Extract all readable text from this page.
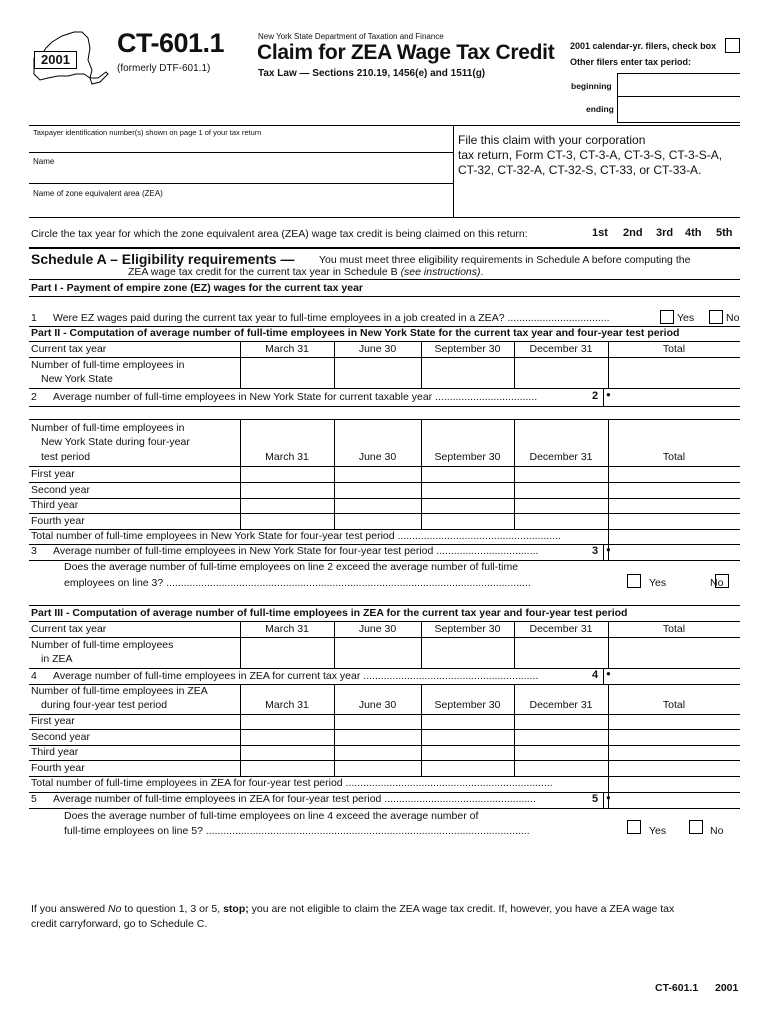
2001
CT-601.1
(formerly DTF-601.1)
New York State Department of Taxation and Finance
Claim for ZEA Wage Tax Credit
Tax Law — Sections 210.19, 1456(e) and 1511(g)
2001 calendar-yr. filers, check box
Other filers enter tax period:
beginning
ending
Taxpayer identification number(s) shown on page 1 of your tax return
Name
Name of zone equivalent area (ZEA)
File this claim with your corporation
tax return, Form CT-3, CT-3-A, CT-3-S, CT-3-S-A,
CT-32, CT-32-A, CT-32-S, CT-33, or CT-33-A.
Circle the tax year for which the zone equivalent area (ZEA) wage tax credit is being claimed on this return:	1st 2nd 3rd 4th 5th
Schedule A – Eligibility requirements — You must meet three eligibility requirements in Schedule A before computing the
ZEA wage tax credit for the current tax year in Schedule B (see instructions).
Part I - Payment of empire zone (EZ) wages for the current tax year
1 Were EZ wages paid during the current tax year to full-time employees in a job created in a ZEA? ...................................	Yes	No
Part II - Computation of average number of full-time employees in New York State for the current tax year and four-year test period
Current tax year	March 31	June 30	September 30	December 31	Total
Number of full-time employees in
New York State
2 Average number of full-time employees in New York State for current taxable year ...................................	2 ●
Number of full-time employees in
New York State during four-year
test period	March 31	June 30	September 30	December 31	Total
First year
Second year
Third year
Fourth year
Total number of full-time employees in New York State for four-year test period ........................................................
3 Average number of full-time employees in New York State for four-year test period ...................................	3 ●
Does the average number of full-time employees on line 2 exceed the average number of full-time
employees on line 3? .............................................................................................................................	Yes	No
Part III - Computation of average number of full-time employees in ZEA for the current tax year and four-year test period
Current tax year	March 31	June 30	September 30	December 31	Total
Number of full-time employees
in ZEA
4 Average number of full-time employees in ZEA for current tax year ............................................................	4 ●
Number of full-time employees in ZEA
during four-year test period	March 31	June 30	September 30	December 31	Total
First year
Second year
Third year
Fourth year
Total number of full-time employees in ZEA for four-year test period .......................................................................
5 Average number of full-time employees in ZEA for four-year test period ....................................................	5 ●
Does the average number of full-time employees on line 4 exceed the average number of
full-time employees on line 5? ...............................................................................................................	Yes	No
If you answered No to question 1, 3 or 5, stop; you are not eligible to claim the ZEA wage tax credit. If, however, you have a ZEA wage tax
credit carryforward, go to Schedule C.
CT-601.1 2001
